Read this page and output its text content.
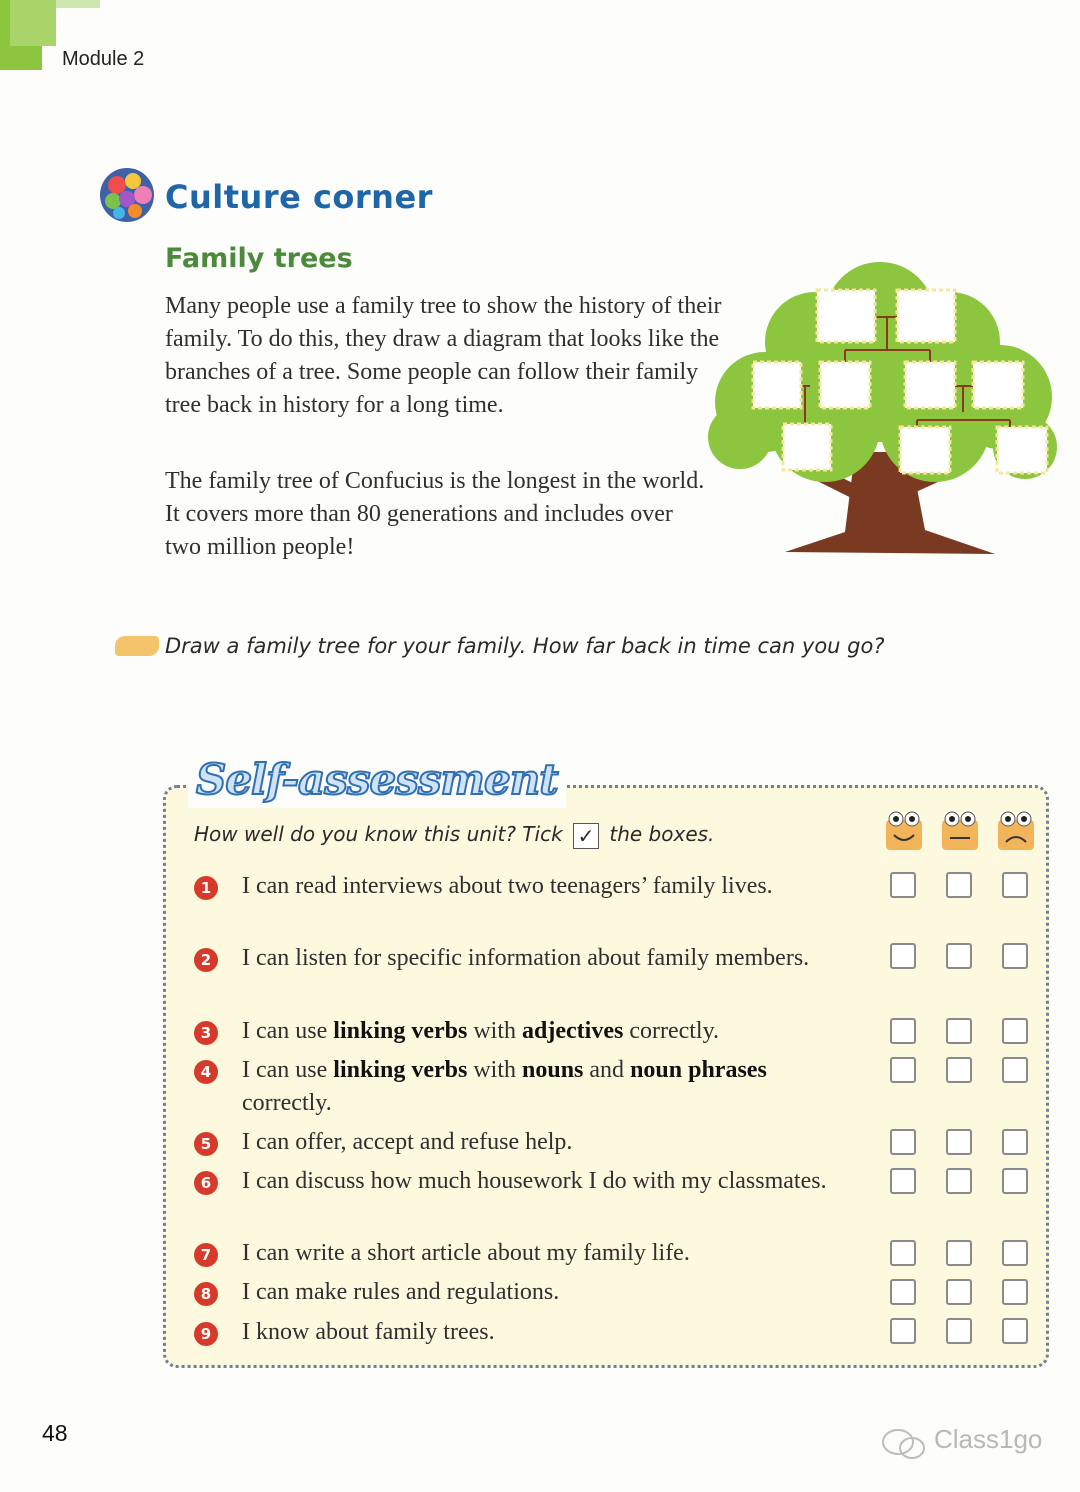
Module 2
Culture corner
Family trees

Many people use a family tree to show the history of their family. To do this, they draw a diagram that looks like the branches of a tree. Some people can follow their family tree back in history for a long time.

The family tree of Confucius is the longest in the world. It covers more than 80 generations and includes over two million people!

Draw a family tree for your family. How far back in time can you go?
Self-assessment
How well do you know this unit? Tick ✓ the boxes.
1 I can read interviews about two teenagers’ family lives.
2 I can listen for specific information about family members.
3 I can use linking verbs with adjectives correctly.
4 I can use linking verbs with nouns and noun phrases correctly.
5 I can offer, accept and refuse help.
6 I can discuss how much housework I do with my classmates.
7 I can write a short article about my family life.
8 I can make rules and regulations.
9 I know about family trees.
48	Class1go
